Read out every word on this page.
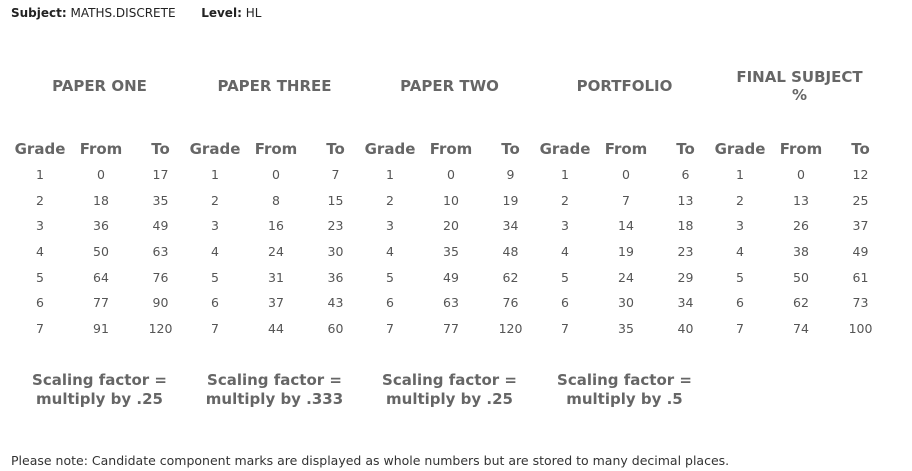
Subject: MATHS.DISCRETE Level: HL
PAPER ONE
Grade	From	To
1	0	17
2	18	35
3	36	49
4	50	63
5	64	76
6	77	90
7	91	120
Scaling factor =
multiply by .25
PAPER THREE
Grade	From	To
1	0	7
2	8	15
3	16	23
4	24	30
5	31	36
6	37	43
7	44	60
Scaling factor =
multiply by .333
PAPER TWO
Grade	From	To
1	0	9
2	10	19
3	20	34
4	35	48
5	49	62
6	63	76
7	77	120
Scaling factor =
multiply by .25
PORTFOLIO
Grade	From	To
1	0	6
2	7	13
3	14	18
4	19	23
5	24	29
6	30	34
7	35	40
Scaling factor =
multiply by .5
FINAL SUBJECT
%
Grade	From	To
1	0	12
2	13	25
3	26	37
4	38	49
5	50	61
6	62	73
7	74	100
Please note: Candidate component marks are displayed as whole numbers but are stored to many decimal places.
